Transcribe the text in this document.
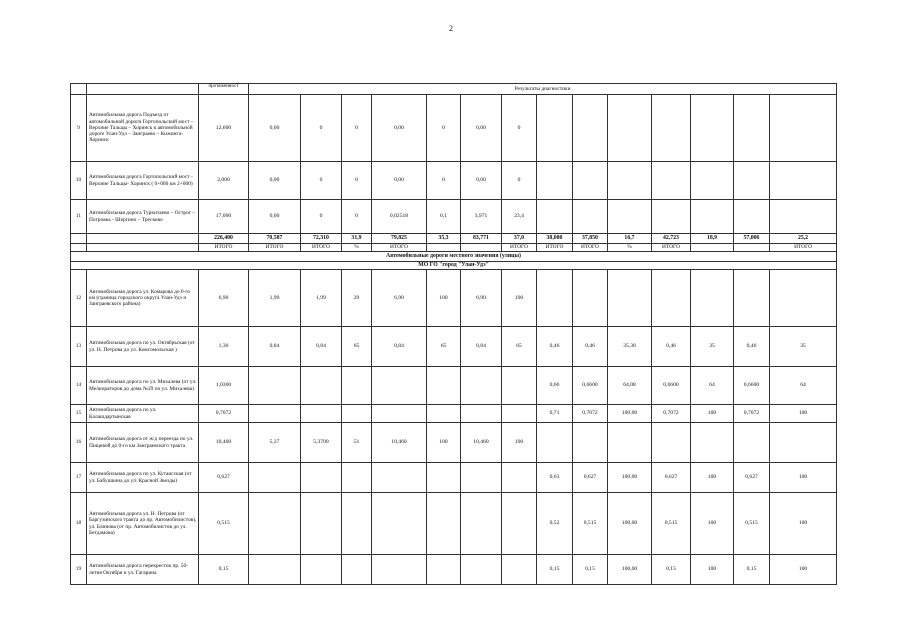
2
		протяженност	Результаты диагностики													
9	Автомобильная дорога Подъезд от автомобильной дороги Гортопольский мост – Верхние Тальцы – Хоринск к автомобильной дороге Улан-Удэ – Заиграево – Кижинга-Хоринск	12,600	0,00	0	0	0,00	0	0,00	0							
10	Автомобильная дорога Гортопольский мост - Верхние Тальцы- Хоринск ( 0+000 км 2+000)	2,000	0,00	0	0	0,00	0	0,00	0							
11	Автомобильная дорога Туркитаево – Острог – Погровка - Шергино – Тресково	17,000	0,00	0	0	0,02518	0,1	3,971	23,4							
		226,400	70,587	72,310	31,9	79,825	35,3	83,771	37,0	38,080	37,850	16,7	42,723	18,9	57,006	25,2
		ИТОГО	ИТОГО	ИТОГО	%	ИТОГО			ИТОГО	ИТОГО	ИТОГО	%	ИТОГО			ИТОГО
Автомобильные дороги местного значения (улицы)																
МО ГО "город "Улан-Удэ"																
12	Автомобильная дорога ул. Комарова до 0-го км (граница городского округа Улан-Удэ и Заиграевского района)	6,90	1,99	1,99	29	6,90	100	6,90	100							
13	Автомобильная дорога по ул. Октябрьская (от ул. Н. Петрова до ул. Комсомольская )	1,30	0,84	0,84	65	0,84	65	0,84	65	0,46	0,46	35,38	0,46	35	0,46	35
14	Автомобильная дорога по ул. Михалева (от ул. Мелиораторов до дома №29 по ул. Михалева)	1,0300								0,66	0,6600	64,08	0,6600	64	0,6600	64
15	Автомобильная дорога по ул. Калашдартынская	0,7072								0,71	0,7072	100,00	0,7072	100	0,7072	100
16	Автомобильная дорога от ж/д переезда по ул. Пищевой до 0-го км Заиграевского тракта	10,460	5,37	5,3700	51	10,460	100	10,460	100							
17	Автомобильная дорога по ул. Кутаисская (от ул. Бабушкина до ул. Красной Звезды)	0,627								0,63	0,627	100,00	0,627	100	0,627	100
18	Автомобильная дорога ул. Н. Петрова (от Баргузинского тракта до пр. Автомобилистов), ул. Блинова (от пр. Автомобилистов до ул. Бетдамова)	0,515								0,52	0,515	100,00	0,515	100	0,515	100
19	Автомобильная дорога перекресток пр. 50-летия Октября и ул. Гагарина	0,15								0,15	0,15	100,00	0,15	100	0,15	100
